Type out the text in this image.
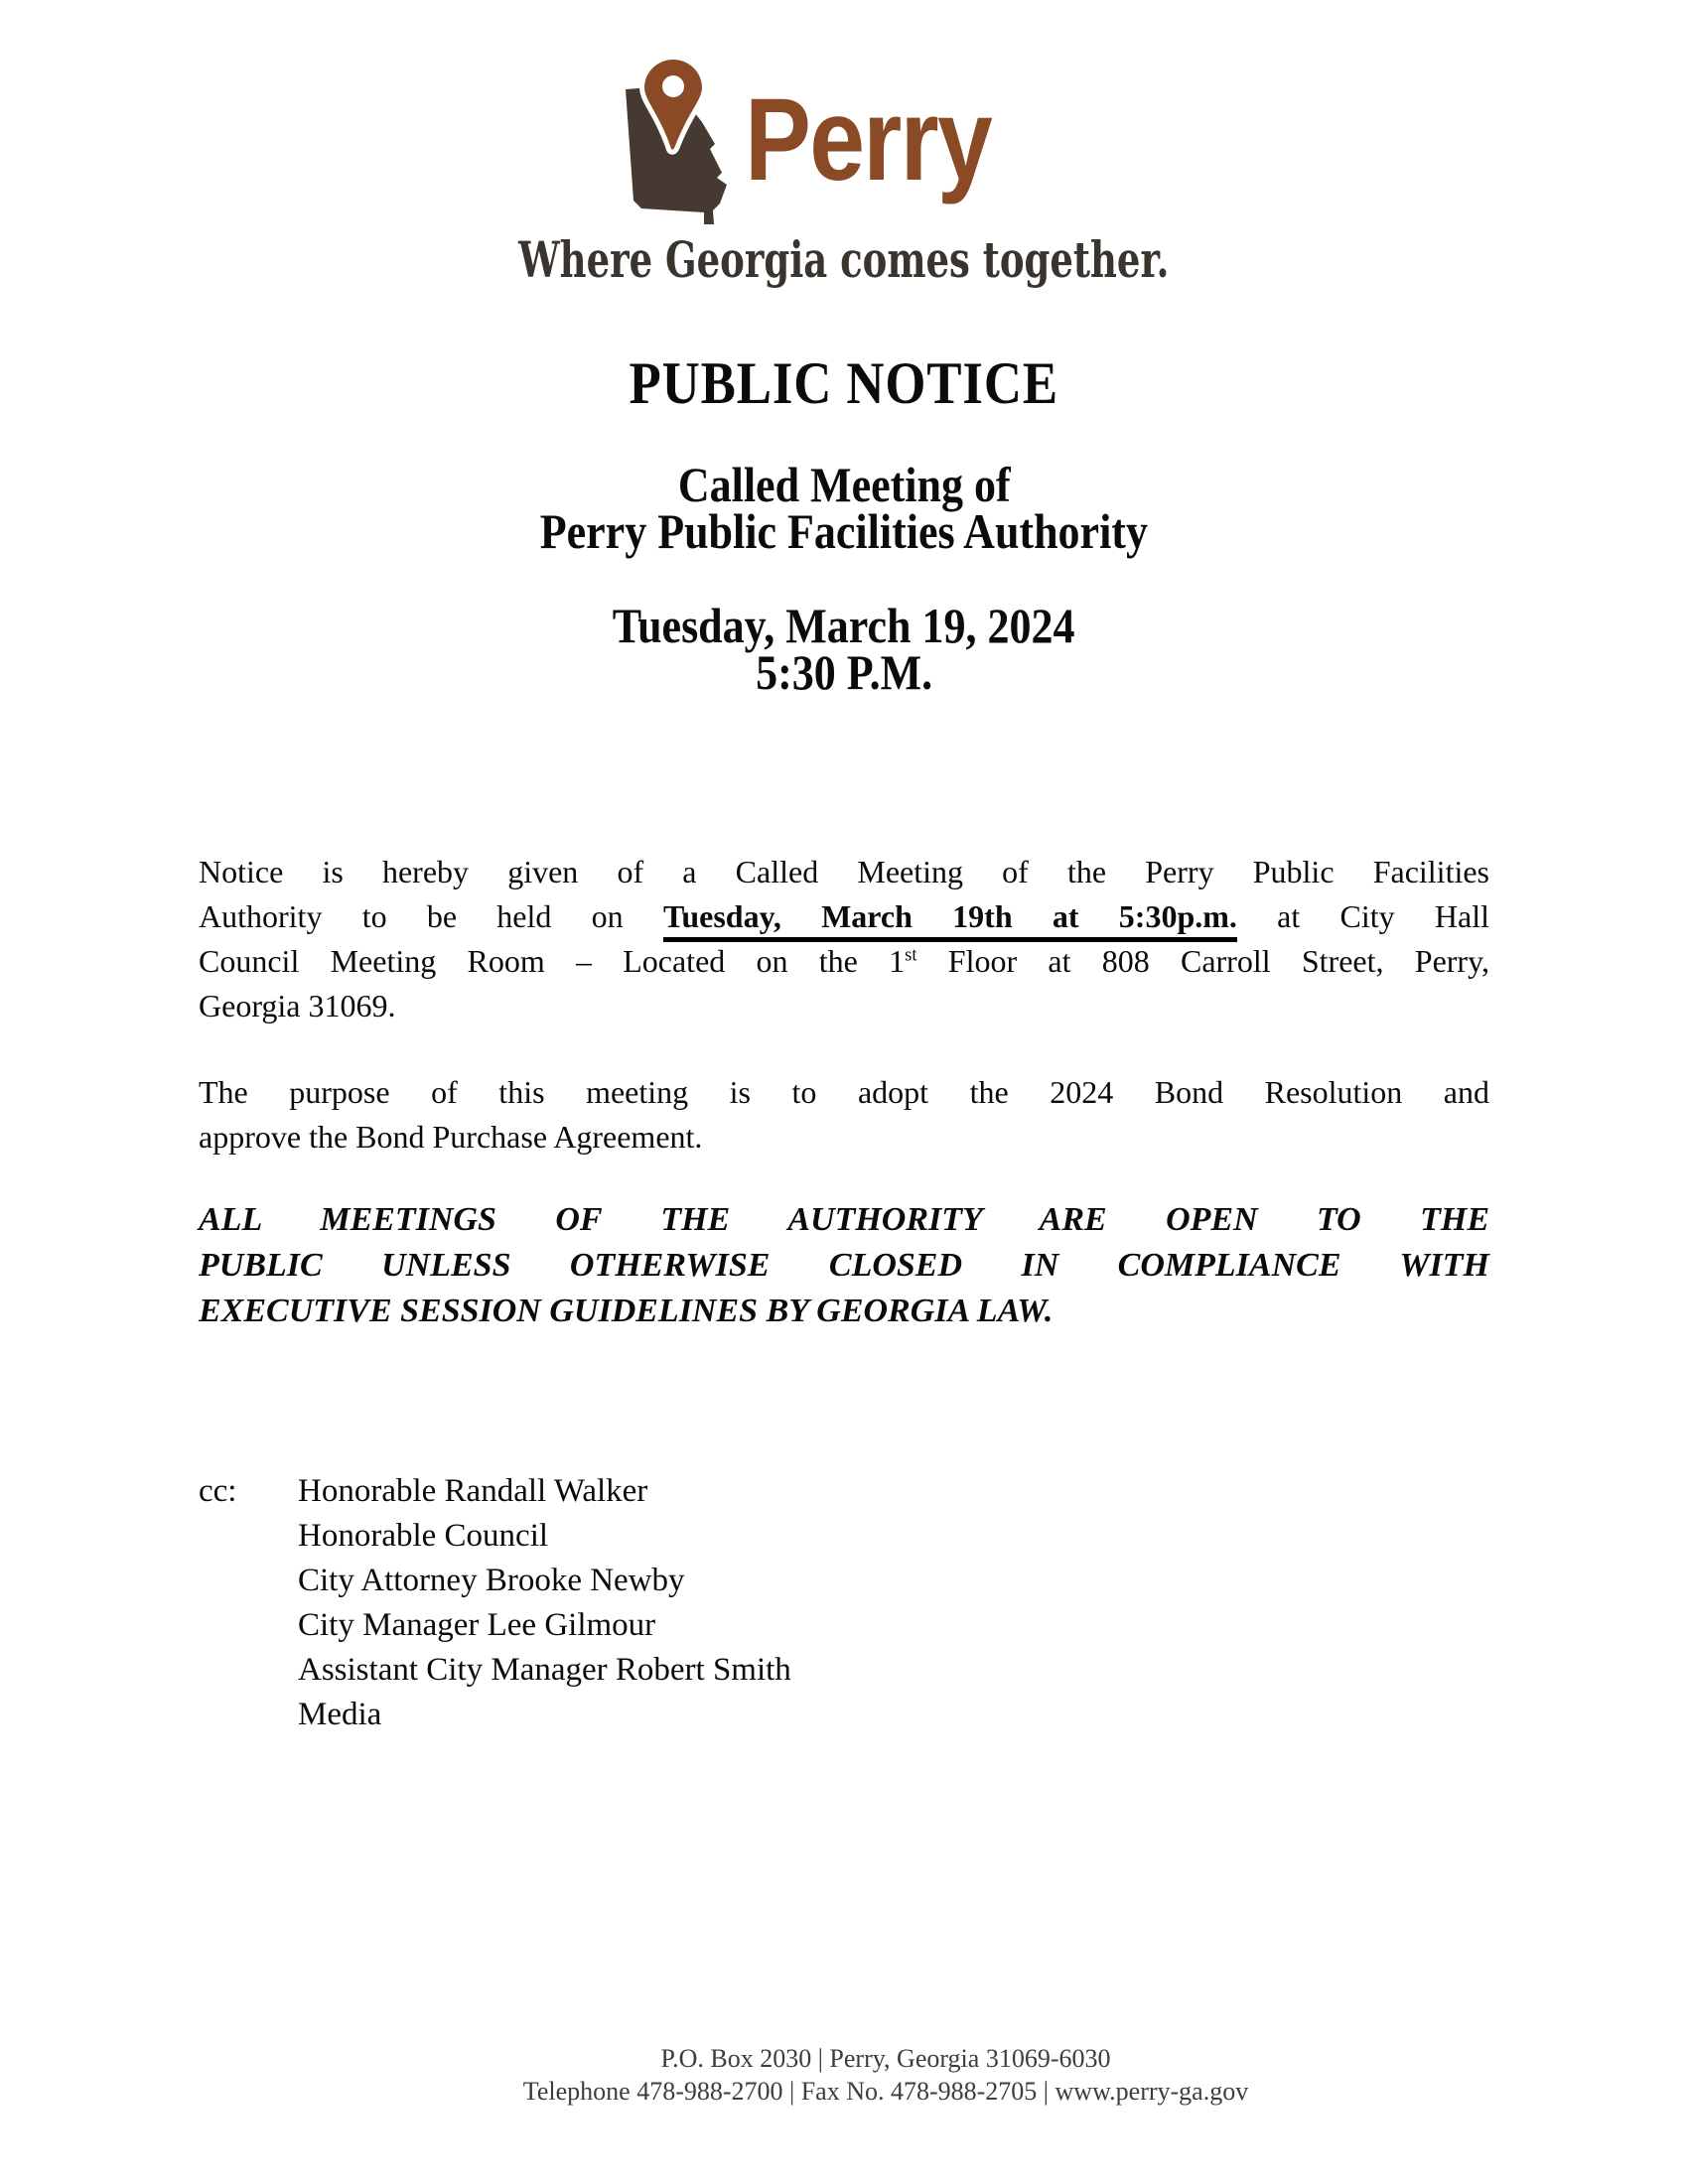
Perry
Where Georgia comes together.
PUBLIC NOTICE
Called Meeting of
Perry Public Facilities Authority
Tuesday, March 19, 2024
5:30 P.M.
Notice is hereby given of a Called Meeting of the Perry Public Facilities
Authority to be held on Tuesday, March 19th at 5:30p.m. at City Hall
Council Meeting Room – Located on the 1st Floor at 808 Carroll Street, Perry,
Georgia 31069.
The purpose of this meeting is to adopt the 2024 Bond Resolution and
approve the Bond Purchase Agreement.
ALL MEETINGS OF THE AUTHORITY ARE OPEN TO THE
PUBLIC UNLESS OTHERWISE CLOSED IN COMPLIANCE WITH
EXECUTIVE SESSION GUIDELINES BY GEORGIA LAW.
cc:	Honorable Randall Walker
Honorable Council
City Attorney Brooke Newby
City Manager Lee Gilmour
Assistant City Manager Robert Smith
Media
P.O. Box 2030 | Perry, Georgia 31069-6030
Telephone 478-988-2700 | Fax No. 478-988-2705 | www.perry-ga.gov
